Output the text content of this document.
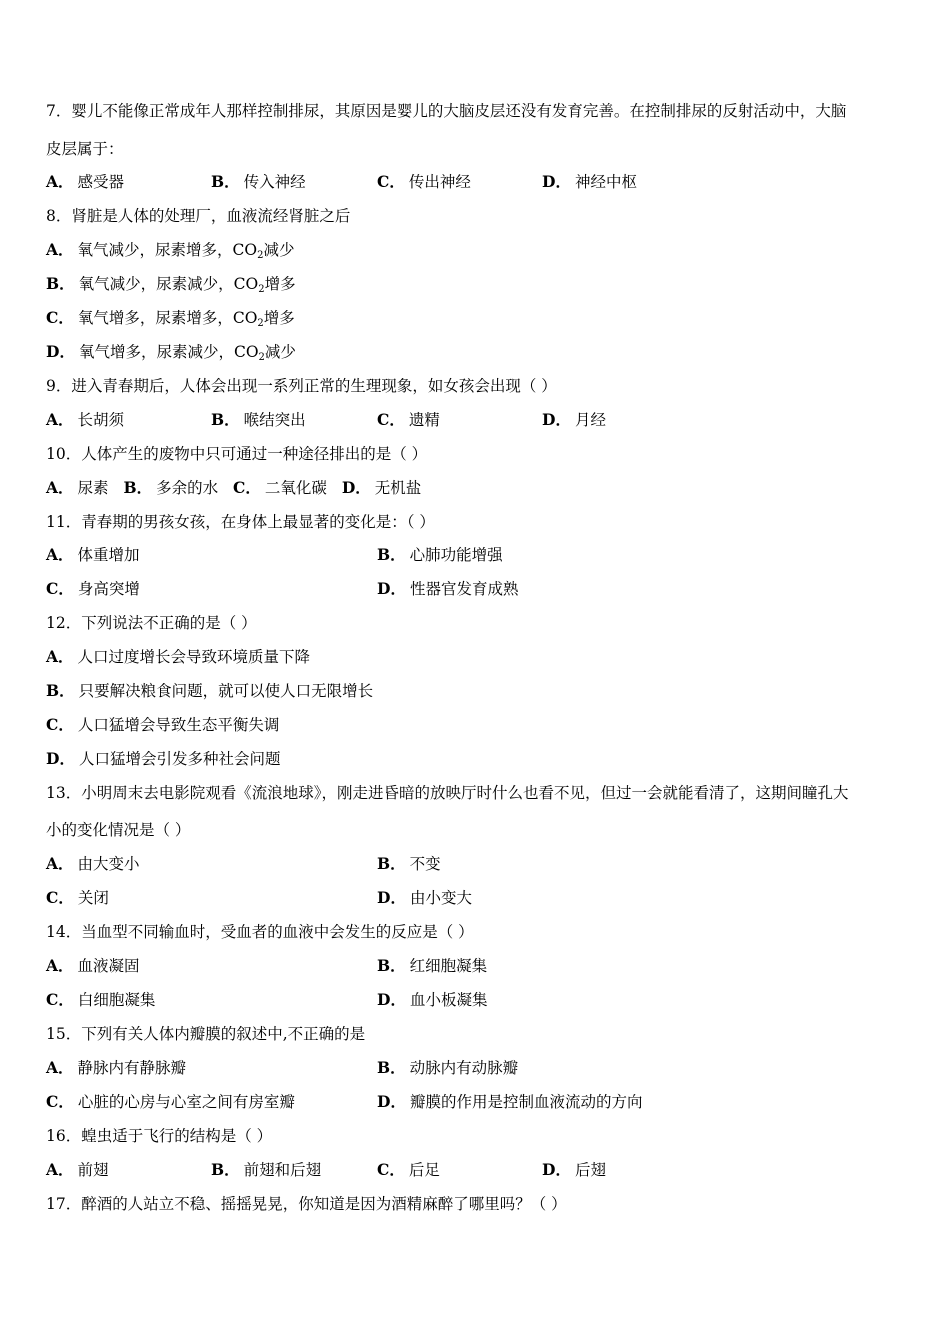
7．婴儿不能像正常成年人那样控制排尿，其原因是婴儿的大脑皮层还没有发育完善。在控制排尿的反射活动中，大脑
皮层属于：
A． 感受器	B． 传入神经	C． 传出神经	D． 神经中枢
8．肾脏是人体的处理厂，血液流经肾脏之后
A． 氧气减少，尿素增多，$CO_2$减少
B． 氧气减少，尿素减少，$CO_2$增多
C． 氧气增多，尿素增多，$CO_2$增多
D． 氧气增多，尿素减少，$CO_2$减少
9．进入青春期后，人体会出现一系列正常的生理现象，如女孩会出现（ ）
A． 长胡须	B． 喉结突出	C． 遗精	D． 月经
10．人体产生的废物中只可通过一种途径排出的是（ ）
A． 尿素 B． 多余的水 C． 二氧化碳 D． 无机盐
11．青春期的男孩女孩，在身体上最显著的变化是：（ ）
A． 体重增加	B． 心肺功能增强
C． 身高突增	D． 性器官发育成熟
12．下列说法不正确的是（ ）
A． 人口过度增长会导致环境质量下降
B． 只要解决粮食问题，就可以使人口无限增长
C． 人口猛增会导致生态平衡失调
D． 人口猛增会引发多种社会问题
13．小明周末去电影院观看《流浪地球》，刚走进昏暗的放映厅时什么也看不见，但过一会就能看清了，这期间瞳孔大
小的变化情况是（ ）
A． 由大变小	B． 不变
C． 关闭	D． 由小变大
14．当血型不同输血时，受血者的血液中会发生的反应是（ ）
A． 血液凝固	B． 红细胞凝集
C． 白细胞凝集	D． 血小板凝集
15．下列有关人体内瓣膜的叙述中,不正确的是
A． 静脉内有静脉瓣	B． 动脉内有动脉瓣
C． 心脏的心房与心室之间有房室瓣	D． 瓣膜的作用是控制血液流动的方向
16．蝗虫适于飞行的结构是（ ）
A． 前翅	B． 前翅和后翅	C． 后足	D． 后翅
17．醉酒的人站立不稳、摇摇晃晃，你知道是因为酒精麻醉了哪里吗？（ ）
